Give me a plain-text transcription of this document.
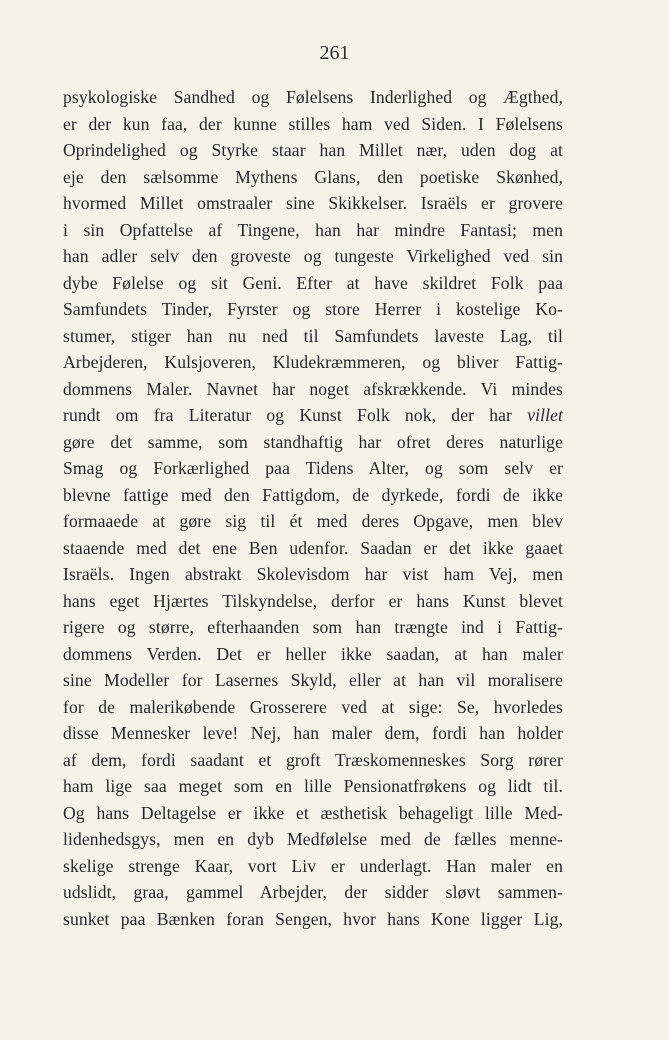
261
psykologiske Sandhed og Følelsens Inderlighed og Ægthed,
er der kun faa, der kunne stilles ham ved Siden. I Følelsens
Oprindelighed og Styrke staar han Millet nær, uden dog at
eje den sælsomme Mythens Glans, den poetiske Skønhed,
hvormed Millet omstraaler sine Skikkelser. Israëls er grovere
i sin Opfattelse af Tingene, han har mindre Fantasi; men
han adler selv den groveste og tungeste Virkelighed ved sin
dybe Følelse og sit Geni. Efter at have skildret Folk paa
Samfundets Tinder, Fyrster og store Herrer i kostelige Ko-
stumer, stiger han nu ned til Samfundets laveste Lag, til
Arbejderen, Kulsjoveren, Kludekræmmeren, og bliver Fattig-
dommens Maler. Navnet har noget afskrækkende. Vi mindes
rundt om fra Literatur og Kunst Folk nok, der har villet
gøre det samme, som standhaftig har ofret deres naturlige
Smag og Forkærlighed paa Tidens Alter, og som selv er
blevne fattige med den Fattigdom, de dyrkede, fordi de ikke
formaaede at gøre sig til ét med deres Opgave, men blev
staaende med det ene Ben udenfor. Saadan er det ikke gaaet
Israëls. Ingen abstrakt Skolevisdom har vist ham Vej, men
hans eget Hjærtes Tilskyndelse, derfor er hans Kunst blevet
rigere og større, efterhaanden som han trængte ind i Fattig-
dommens Verden. Det er heller ikke saadan, at han maler
sine Modeller for Lasernes Skyld, eller at han vil moralisere
for de malerikøbende Grosserere ved at sige: Se, hvorledes
disse Mennesker leve! Nej, han maler dem, fordi han holder
af dem, fordi saadant et groft Træskomenneskes Sorg rører
ham lige saa meget som en lille Pensionatfrøkens og lidt til.
Og hans Deltagelse er ikke et æsthetisk behageligt lille Med-
lidenhedsgys, men en dyb Medfølelse med de fælles menne-
skelige strenge Kaar, vort Liv er underlagt. Han maler en
udslidt, graa, gammel Arbejder, der sidder sløvt sammen-
sunket paa Bænken foran Sengen, hvor hans Kone ligger Lig,
